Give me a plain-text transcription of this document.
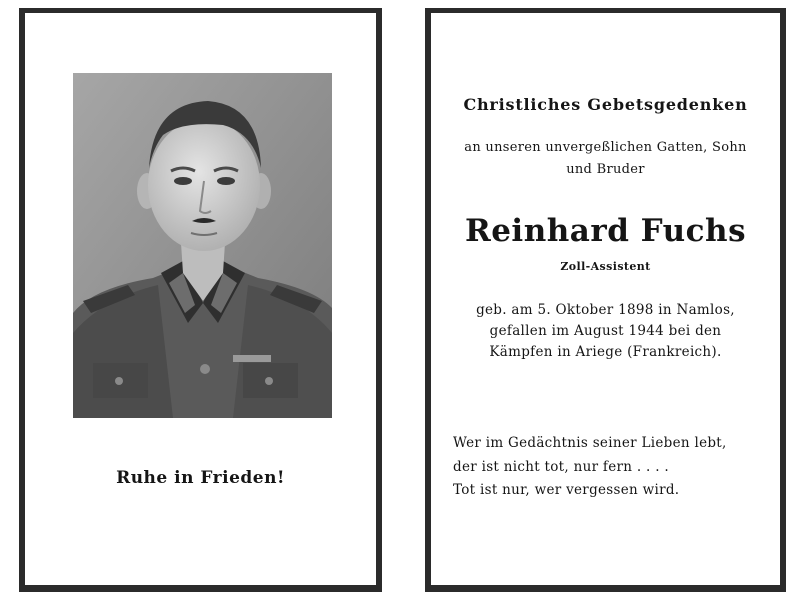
Ruhe in Frieden!
Christliches Gebetsgedenken
an unseren unvergeßlichen Gatten, Sohn
und Bruder
Reinhard Fuchs
Zoll-Assistent
geb. am 5. Oktober 1898 in Namlos,
gefallen im August 1944 bei den
Kämpfen in Ariege (Frankreich).
Wer im Gedächtnis seiner Lieben lebt,
der ist nicht tot, nur fern . . . .
Tot ist nur, wer vergessen wird.
